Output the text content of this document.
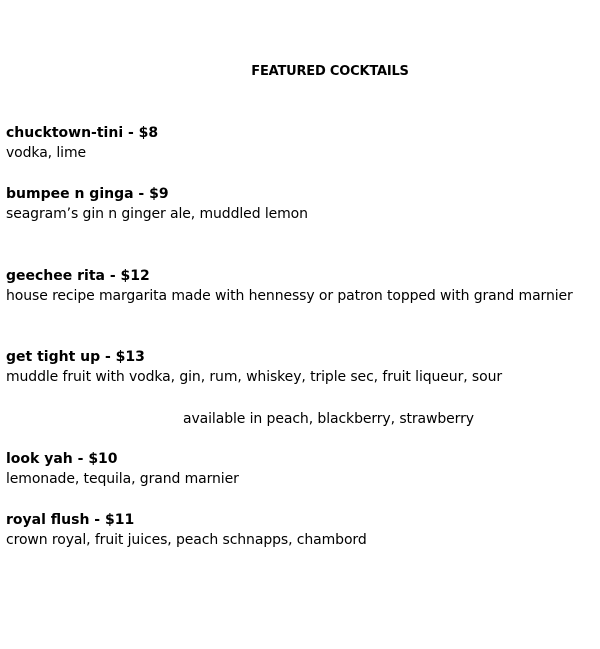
FEATURED COCKTAILS
chucktown-tini - $8
vodka, lime
bumpee n ginga - $9
seagram’s gin n ginger ale, muddled lemon
geechee rita - $12
house recipe margarita made with hennessy or patron topped with grand marnier
get tight up - $13
muddle fruit with vodka, gin, rum, whiskey, triple sec, fruit liqueur, sour
available in peach, blackberry, strawberry
look yah - $10
lemonade, tequila, grand marnier
royal flush - $11
crown royal, fruit juices, peach schnapps, chambord
